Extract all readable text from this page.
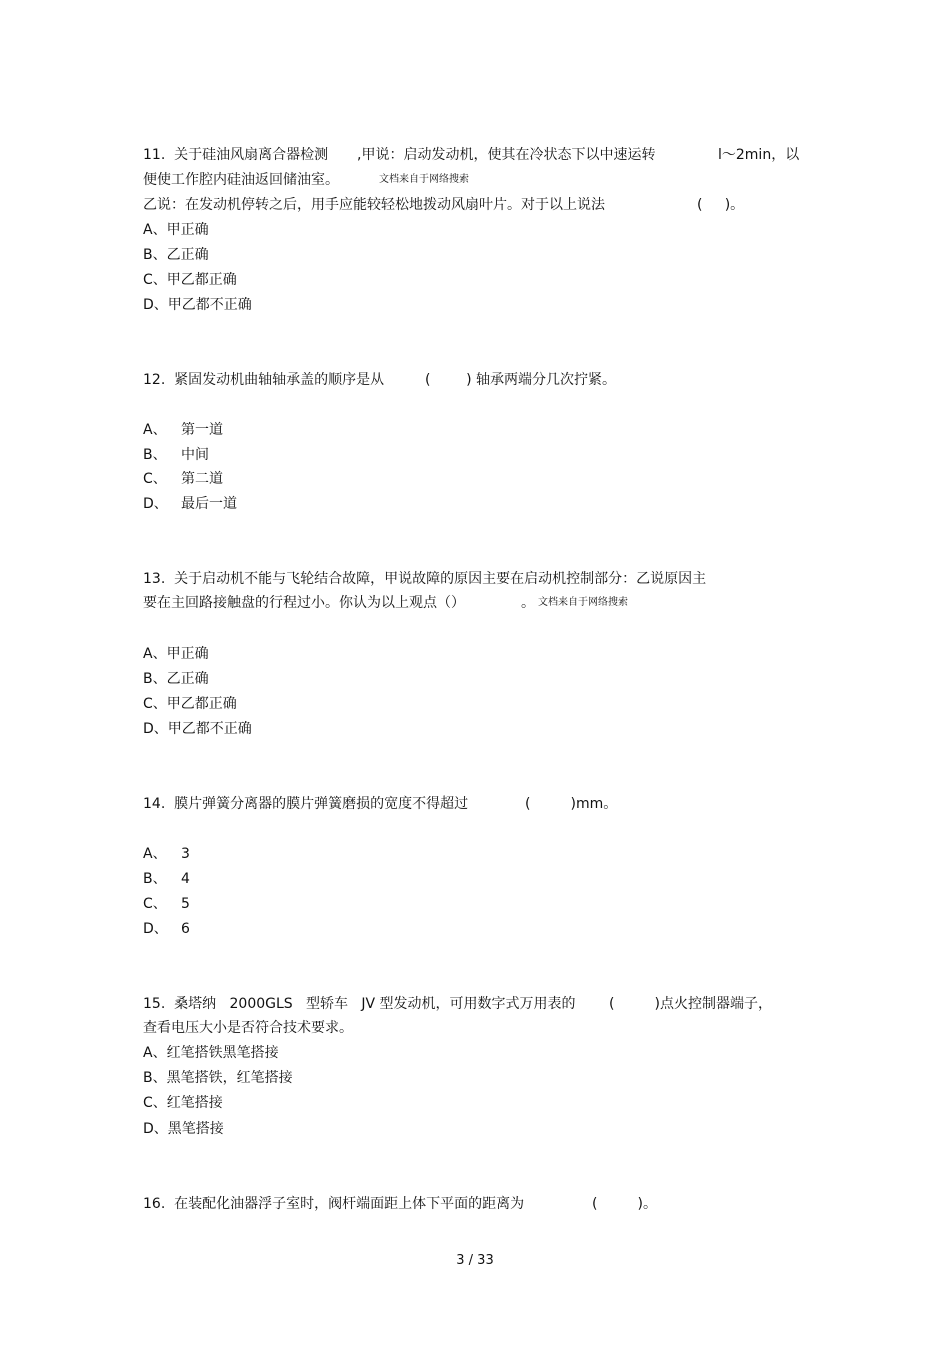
11.  关于硅油风扇离合器检测 ,甲说：启动发动机，使其在冷状态下以中速运转	l～2min，以
便使工作腔内硅油返回储油室。	文档来自于网络搜索
乙说：在发动机停转之后，用手应能较轻松地拨动风扇叶片。对于以上说法	(     )。
A、甲正确
B、乙正确
C、甲乙都正确
D、甲乙都不正确
12.  紧固发动机曲轴轴承盖的顺序是从	(        ) 轴承两端分几次拧紧。
A、 第一道
B、 中间
C、 第二道
D、 最后一道
13.  关于启动机不能与飞轮结合故障，甲说故障的原因主要在启动机控制部分：乙说原因主
要在主回路接触盘的行程过小。你认为以上观点（）	。 文档来自于网络搜索
A、甲正确
B、乙正确
C、甲乙都正确
D、甲乙都不正确
14.  膜片弹簧分离器的膜片弹簧磨损的宽度不得超过	(         )mm。
A、 3
B、 4
C、 5
D、 6
15.  桑塔纳   2000GLS   型轿车   JV 型发动机，可用数字式万用表的 (         )点火控制器端子，
查看电压大小是否符合技术要求。
A、红笔搭铁黑笔搭接
B、黑笔搭铁，红笔搭接
C、红笔搭接
D、黑笔搭接
16.  在装配化油器浮子室时，阀杆端面距上体下平面的距离为	(         )。
3 / 33
